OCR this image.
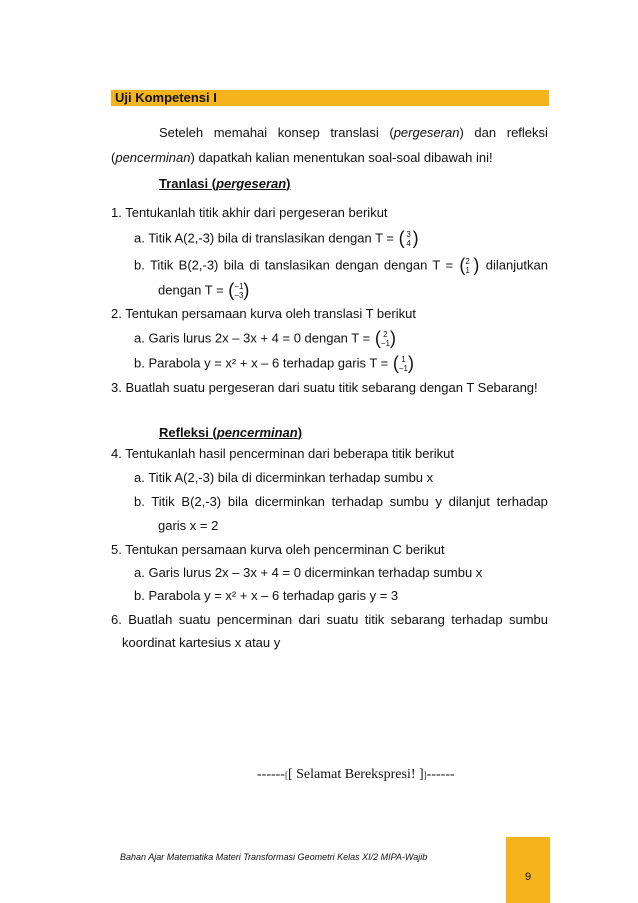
Uji Kompetensi I
Seteleh memahai konsep translasi (pergeseran) dan refleksi
(pencerminan) dapatkah kalian menentukan soal-soal dibawah ini!
Tranlasi (pergeseran)
1. Tentukanlah titik akhir dari pergeseran berikut
a. Titik A(2,-3) bila di translasikan dengan T = ( 3
4)
b. Titik B(2,-3) bila di tanslasikan dengan dengan T = (2
1 ) dilanjutkan
dengan T = (−1
−3)
2. Tentukan persamaan kurva oleh translasi T berikut
a. Garis lurus 2x – 3x + 4 = 0 dengan T = ( 2
−1)
b. Parabola y = x² + x – 6 terhadap garis T = ( 1
−1)
3. Buatlah suatu pergeseran dari suatu titik sebarang dengan T Sebarang!
Refleksi (pencerminan)
4. Tentukanlah hasil pencerminan dari beberapa titik berikut
a. Titik A(2,-3) bila di dicerminkan terhadap sumbu x
b. Titik B(2,-3) bila dicerminkan terhadap sumbu y dilanjut terhadap
garis x = 2
5. Tentukan persamaan kurva oleh pencerminan C berikut
a. Garis lurus 2x – 3x + 4 = 0 dicerminkan terhadap sumbu x
b. Parabola y = x² + x – 6 terhadap garis y = 3
6. Buatlah suatu pencerminan dari suatu titik sebarang terhadap sumbu
koordinat kartesius x atau y
------[[ Selamat Berekspresi! ]]------
Bahan Ajar Matematika Materi Transformasi Geometri Kelas XI/2 MIPA-Wajib
9
